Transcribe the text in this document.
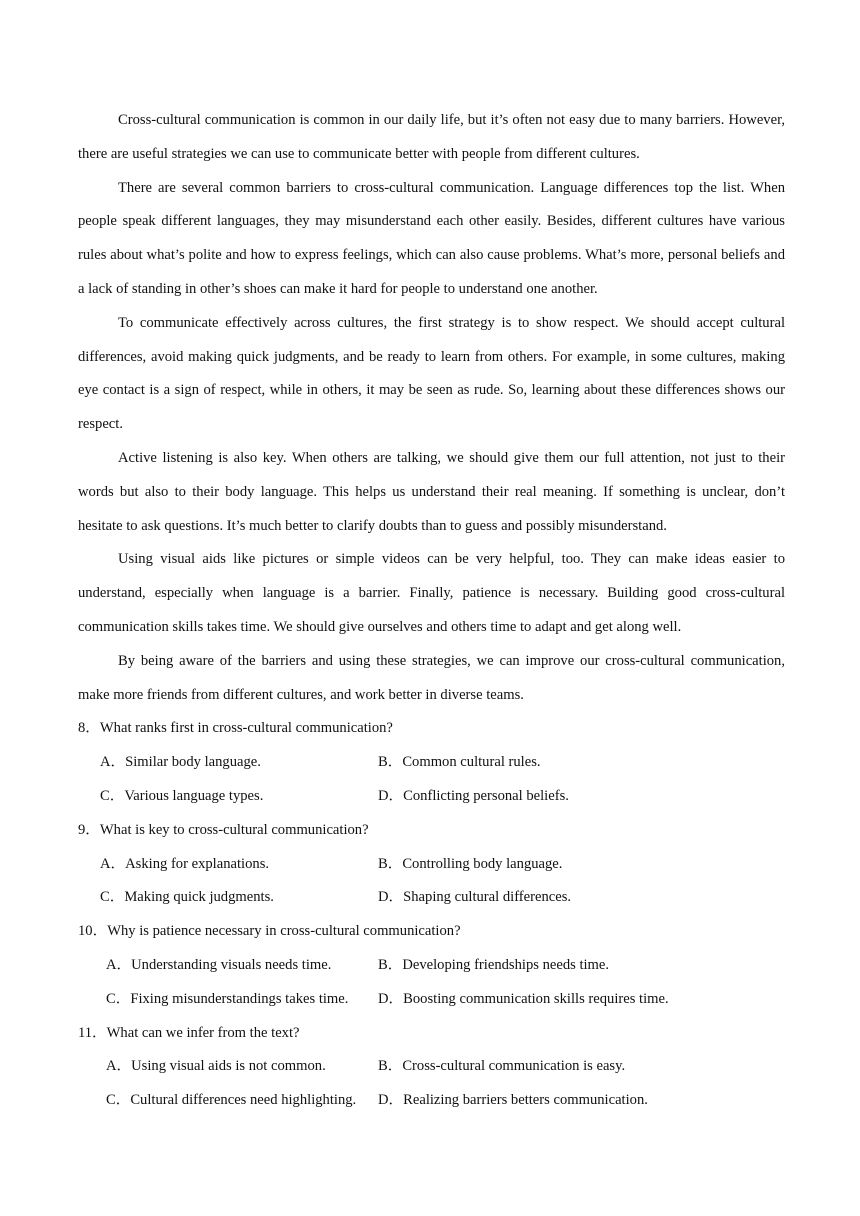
Cross-cultural communication is common in our daily life, but it’s often not easy due to many barriers. However, there are useful strategies we can use to communicate better with people from different cultures.

There are several common barriers to cross-cultural communication. Language differences top the list. When people speak different languages, they may misunderstand each other easily. Besides, different cultures have various rules about what’s polite and how to express feelings, which can also cause problems. What’s more, personal beliefs and a lack of standing in other’s shoes can make it hard for people to understand one another.

To communicate effectively across cultures, the first strategy is to show respect. We should accept cultural differences, avoid making quick judgments, and be ready to learn from others. For example, in some cultures, making eye contact is a sign of respect, while in others, it may be seen as rude. So, learning about these differences shows our respect.

Active listening is also key. When others are talking, we should give them our full attention, not just to their words but also to their body language. This helps us understand their real meaning. If something is unclear, don’t hesitate to ask questions. It’s much better to clarify doubts than to guess and possibly misunderstand.

Using visual aids like pictures or simple videos can be very helpful, too. They can make ideas easier to understand, especially when language is a barrier. Finally, patience is necessary. Building good cross-cultural communication skills takes time. We should give ourselves and others time to adapt and get along well.

By being aware of the barriers and using these strategies, we can improve our cross-cultural communication, make more friends from different cultures, and work better in diverse teams.

8．What ranks first in cross-cultural communication?

A．Similar body language.	B．Common cultural rules.
C．Various language types.	D．Conflicting personal beliefs.

9．What is key to cross-cultural communication?

A．Asking for explanations.	B．Controlling body language.
C．Making quick judgments.	D．Shaping cultural differences.

10．Why is patience necessary in cross-cultural communication?

A．Understanding visuals needs time.	B．Developing friendships needs time.
C．Fixing misunderstandings takes time. D．Boosting communication skills requires time.

11．What can we infer from the text?

A．Using visual aids is not common.	B．Cross-cultural communication is easy.
C．Cultural differences need highlighting. D．Realizing barriers betters communication.
